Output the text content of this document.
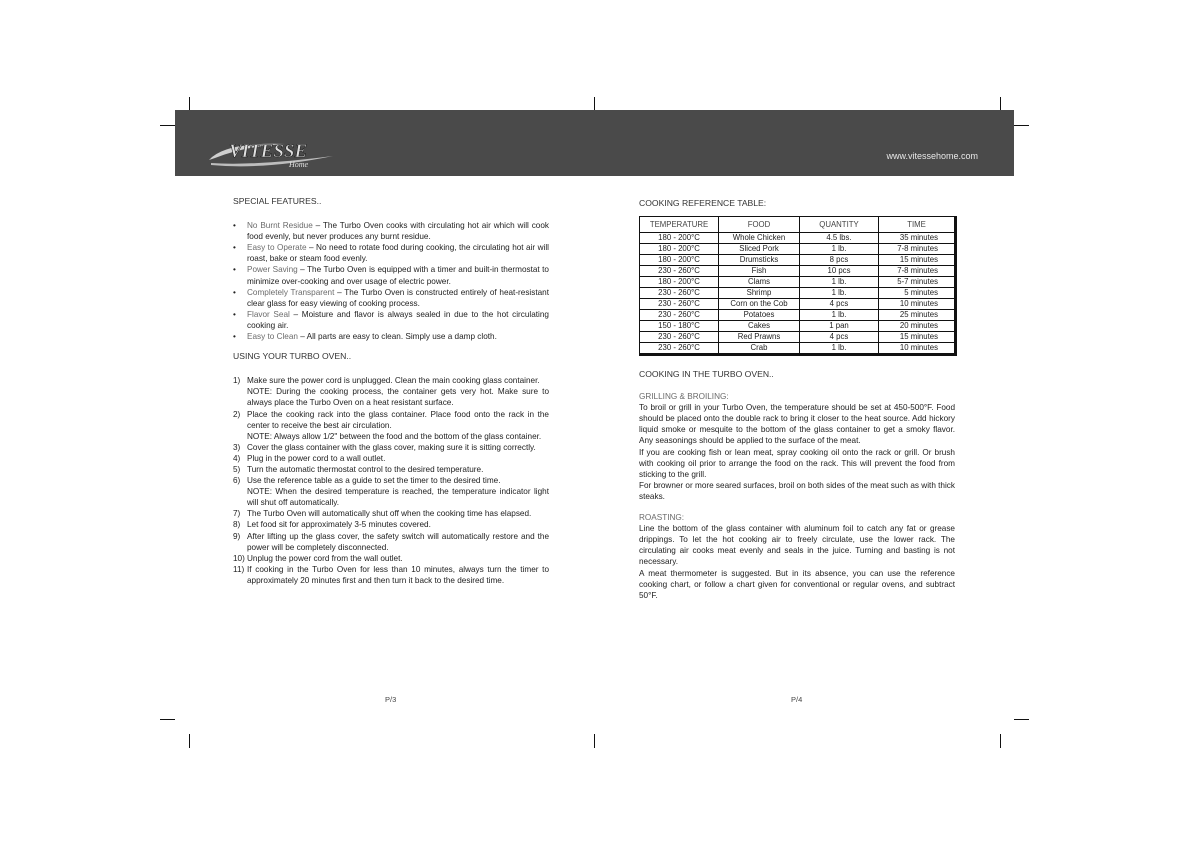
VITESSE
Home
www.vitessehome.com
SPECIAL FEATURES..
• No Burnt Residue – The Turbo Oven cooks with circulating hot air which will cook food evenly, but never produces any burnt residue.
• Easy to Operate – No need to rotate food during cooking, the circulating hot air will roast, bake or steam food evenly.
• Power Saving – The Turbo Oven is equipped with a timer and built-in thermostat to minimize over-cooking and over usage of electric power.
• Completely Transparent – The Turbo Oven is constructed entirely of heat-resistant clear glass for easy viewing of cooking process.
• Flavor Seal – Moisture and flavor is always sealed in due to the hot circulating cooking air.
• Easy to Clean – All parts are easy to clean. Simply use a damp cloth.
USING YOUR TURBO OVEN..
1) Make sure the power cord is unplugged. Clean the main cooking glass container.
NOTE: During the cooking process, the container gets very hot. Make sure to always place the Turbo Oven on a heat resistant surface.
2) Place the cooking rack into the glass container. Place food onto the rack in the center to receive the best air circulation.
NOTE: Always allow 1/2" between the food and the bottom of the glass container.
3) Cover the glass container with the glass cover, making sure it is sitting correctly.
4) Plug in the power cord to a wall outlet.
5) Turn the automatic thermostat control to the desired temperature.
6) Use the reference table as a guide to set the timer to the desired time.
NOTE: When the desired temperature is reached, the temperature indicator light will shut off automatically.
7) The Turbo Oven will automatically shut off when the cooking time has elapsed.
8) Let food sit for approximately 3-5 minutes covered.
9) After lifting up the glass cover, the safety switch will automatically restore and the power will be completely disconnected.
10) Unplug the power cord from the wall outlet.
11) If cooking in the Turbo Oven for less than 10 minutes, always turn the timer to approximately 20 minutes first and then turn it back to the desired time.
COOKING REFERENCE TABLE:
TEMPERATURE	FOOD	QUANTITY	TIME
180 - 200°C	Whole Chicken	4.5 lbs.	35 minutes
180 - 200°C	Sliced Pork	1 lb.	7-8 minutes
180 - 200°C	Drumsticks	8 pcs	15 minutes
230 - 260°C	Fish	10 pcs	7-8 minutes
180 - 200°C	Clams	1 lb.	5-7 minutes
230 - 260°C	Shrimp	1 lb.	5 minutes
230 - 260°C	Corn on the Cob	4 pcs	10 minutes
230 - 260°C	Potatoes	1 lb.	25 minutes
150 - 180°C	Cakes	1 pan	20 minutes
230 - 260°C	Red Prawns	4 pcs	15 minutes
230 - 260°C	Crab	1 lb.	10 minutes
COOKING IN THE TURBO OVEN..
GRILLING & BROILING:

To broil or grill in your Turbo Oven, the temperature should be set at 450-500°F. Food should be placed onto the double rack to bring it closer to the heat source. Add hickory liquid smoke or mesquite to the bottom of the glass container to get a smoky flavor. Any seasonings should be applied to the surface of the meat.

If you are cooking fish or lean meat, spray cooking oil onto the rack or grill. Or brush with cooking oil prior to arrange the food on the rack. This will prevent the food from sticking to the grill.

For browner or more seared surfaces, broil on both sides of the meat such as with thick steaks.

ROASTING:

Line the bottom of the glass container with aluminum foil to catch any fat or grease drippings. To let the hot cooking air to freely circulate, use the lower rack. The circulating air cooks meat evenly and seals in the juice. Turning and basting is not necessary.

A meat thermometer is suggested. But in its absence, you can use the reference cooking chart, or follow a chart given for conventional or regular ovens, and subtract 50°F.

P/3	P/4
